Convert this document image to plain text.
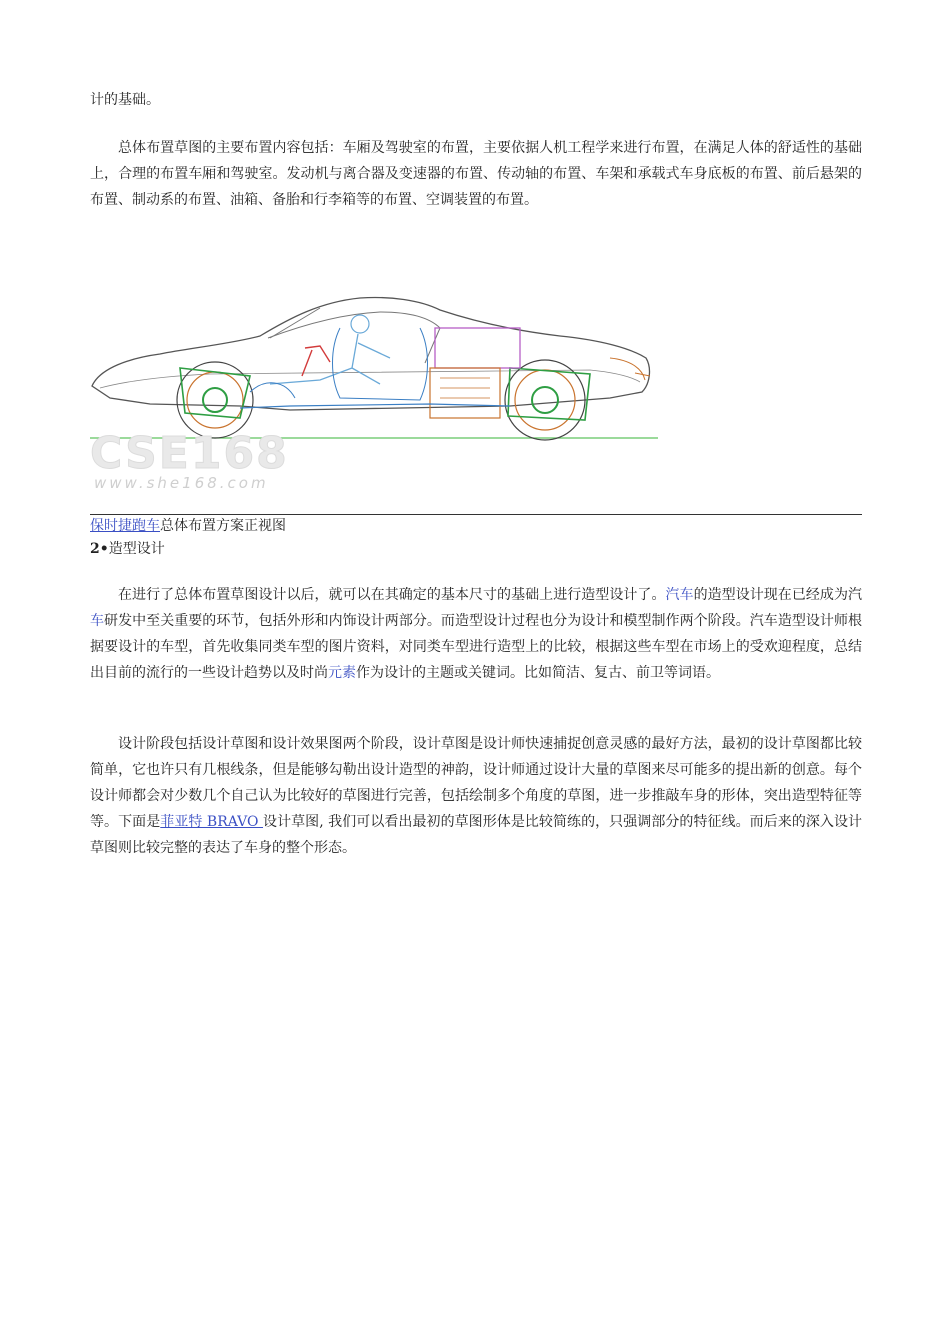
计的基础。

总体布置草图的主要布置内容包括：车厢及驾驶室的布置，主要依据人机工程学来进行布置，在满足人体的舒适性的基础上，合理的布置车厢和驾驶室。发动机与离合器及变速器的布置、传动轴的布置、车架和承载式车身底板的布置、前后悬架的布置、制动系的布置、油箱、备胎和行李箱等的布置、空调装置的布置。

CSE168
www.she168.com
保时捷跑车总体布置方案正视图
2•造型设计

在进行了总体布置草图设计以后，就可以在其确定的基本尺寸的基础上进行造型设计了。汽车的造型设计现在已经成为汽车研发中至关重要的环节，包括外形和内饰设计两部分。而造型设计过程也分为设计和模型制作两个阶段。汽车造型设计师根据要设计的车型，首先收集同类车型的图片资料，对同类车型进行造型上的比较，根据这些车型在市场上的受欢迎程度，总结出目前的流行的一些设计趋势以及时尚元素作为设计的主题或关键词。比如简洁、复古、前卫等词语。

设计阶段包括设计草图和设计效果图两个阶段，设计草图是设计师快速捕捉创意灵感的最好方法，最初的设计草图都比较简单，它也许只有几根线条，但是能够勾勒出设计造型的神韵，设计师通过设计大量的草图来尽可能多的提出新的创意。每个设计师都会对少数几个自己认为比较好的草图进行完善，包括绘制多个角度的草图，进一步推敲车身的形体，突出造型特征等等。下面是菲亚特 BRAVO 设计草图, 我们可以看出最初的草图形体是比较简练的，只强调部分的特征线。而后来的深入设计草图则比较完整的表达了车身的整个形态。
